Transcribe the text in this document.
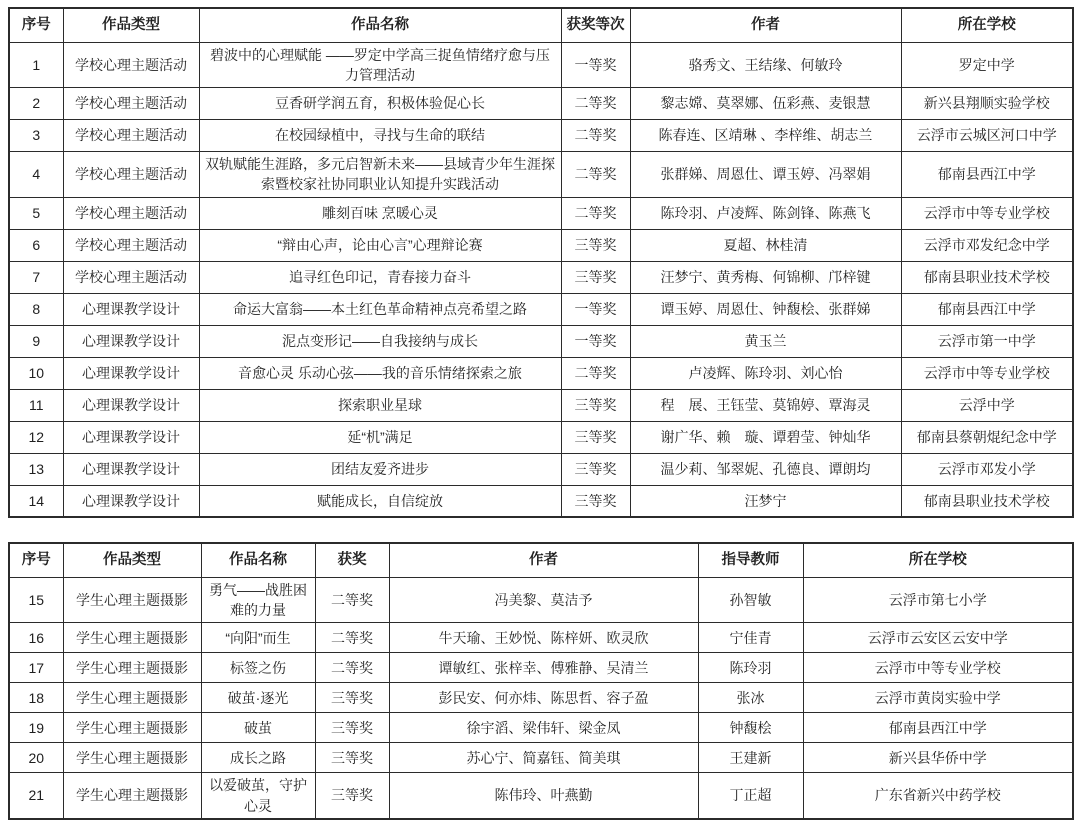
序号	作品类型	作品名称	获奖等次	作者	所在学校
1	学校心理主题活动	碧波中的心理赋能 ——罗定中学高三捉鱼情绪疗愈与压力管理活动	一等奖	骆秀文、王结缘、何敏玲	罗定中学
2	学校心理主题活动	豆香研学润五育，积极体验促心长	二等奖	黎志嫦、莫翠娜、伍彩燕、麦银慧	新兴县翔顺实验学校
3	学校心理主题活动	在校园绿植中，寻找与生命的联结	二等奖	陈春连、区靖琳 、李梓维、胡志兰	云浮市云城区河口中学
4	学校心理主题活动	双轨赋能生涯路，多元启智新未来——县域青少年生涯探索暨校家社协同职业认知提升实践活动	二等奖	张群娣、周恩仕、谭玉婷、冯翠娟	郁南县西江中学
5	学校心理主题活动	雕刻百味 烹暖心灵	二等奖	陈玲羽、卢凌辉、陈剑锋、陈燕飞	云浮市中等专业学校
6	学校心理主题活动	“辩由心声，论由心言”心理辩论赛	三等奖	夏超、林桂清	云浮市邓发纪念中学
7	学校心理主题活动	追寻红色印记，青春接力奋斗	三等奖	汪梦宁、黄秀梅、何锦柳、邝梓键	郁南县职业技术学校
8	心理课教学设计	命运大富翁——本土红色革命精神点亮希望之路	一等奖	谭玉婷、周恩仕、钟馥桧、张群娣	郁南县西江中学
9	心理课教学设计	泥点变形记——自我接纳与成长	一等奖	黄玉兰	云浮市第一中学
10	心理课教学设计	音愈心灵 乐动心弦——我的音乐情绪探索之旅	二等奖	卢凌辉、陈玲羽、刘心怡	云浮市中等专业学校
11	心理课教学设计	探索职业星球	三等奖	程　展、王钰莹、莫锦婷、覃海灵	云浮中学
12	心理课教学设计	延“机”满足	三等奖	谢广华、赖　璇、谭碧莹、钟灿华	郁南县蔡朝焜纪念中学
13	心理课教学设计	团结友爱齐进步	三等奖	温少莉、邹翠妮、孔德良、谭朗均	云浮市邓发小学
14	心理课教学设计	赋能成长，自信绽放	三等奖	汪梦宁	郁南县职业技术学校
序号	作品类型	作品名称	获奖	作者	指导教师	所在学校
15	学生心理主题摄影	勇气——战胜困难的力量	二等奖	冯美黎、莫洁予	孙智敏	云浮市第七小学
16	学生心理主题摄影	“向阳”而生	二等奖	牛天瑜、王妙悦、陈梓妍、欧灵欣	宁佳青	云浮市云安区云安中学
17	学生心理主题摄影	标签之伤	二等奖	谭敏红、张梓幸、傅雅静、吴清兰	陈玲羽	云浮市中等专业学校
18	学生心理主题摄影	破茧·逐光	三等奖	彭民安、何亦炜、陈思哲、容子盈	张冰	云浮市黄岗实验中学
19	学生心理主题摄影	破茧	三等奖	徐宇滔、梁伟轩、梁金凤	钟馥桧	郁南县西江中学
20	学生心理主题摄影	成长之路	三等奖	苏心宁、简嘉钰、简美琪	王建新	新兴县华侨中学
21	学生心理主题摄影	以爱破茧，守护心灵	三等奖	陈伟玲、叶燕勤	丁正超	广东省新兴中药学校
